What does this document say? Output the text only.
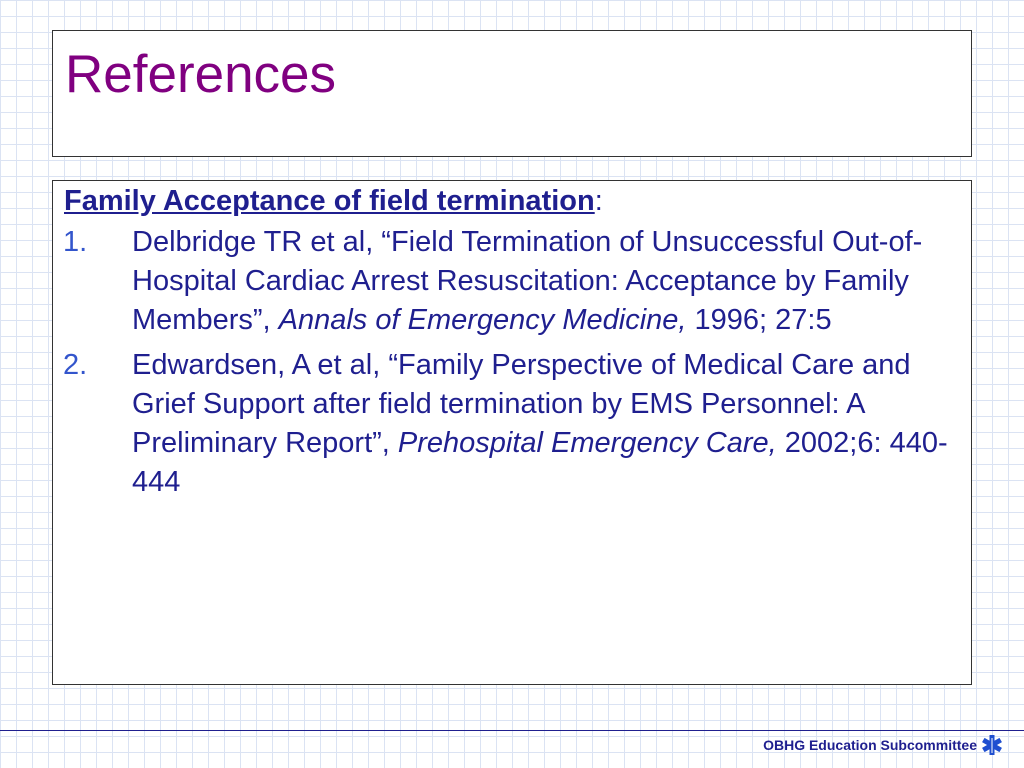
References
Family Acceptance of field termination:
1. Delbridge TR et al, “Field Termination of Unsuccessful Out-of-Hospital Cardiac Arrest Resuscitation: Acceptance by Family Members”, Annals of Emergency Medicine, 1996; 27:5
2. Edwardsen, A et al, “Family Perspective of Medical Care and Grief Support after field termination by EMS Personnel: A Preliminary Report”, Prehospital Emergency Care, 2002;6: 440-444
OBHG Education Subcommittee
